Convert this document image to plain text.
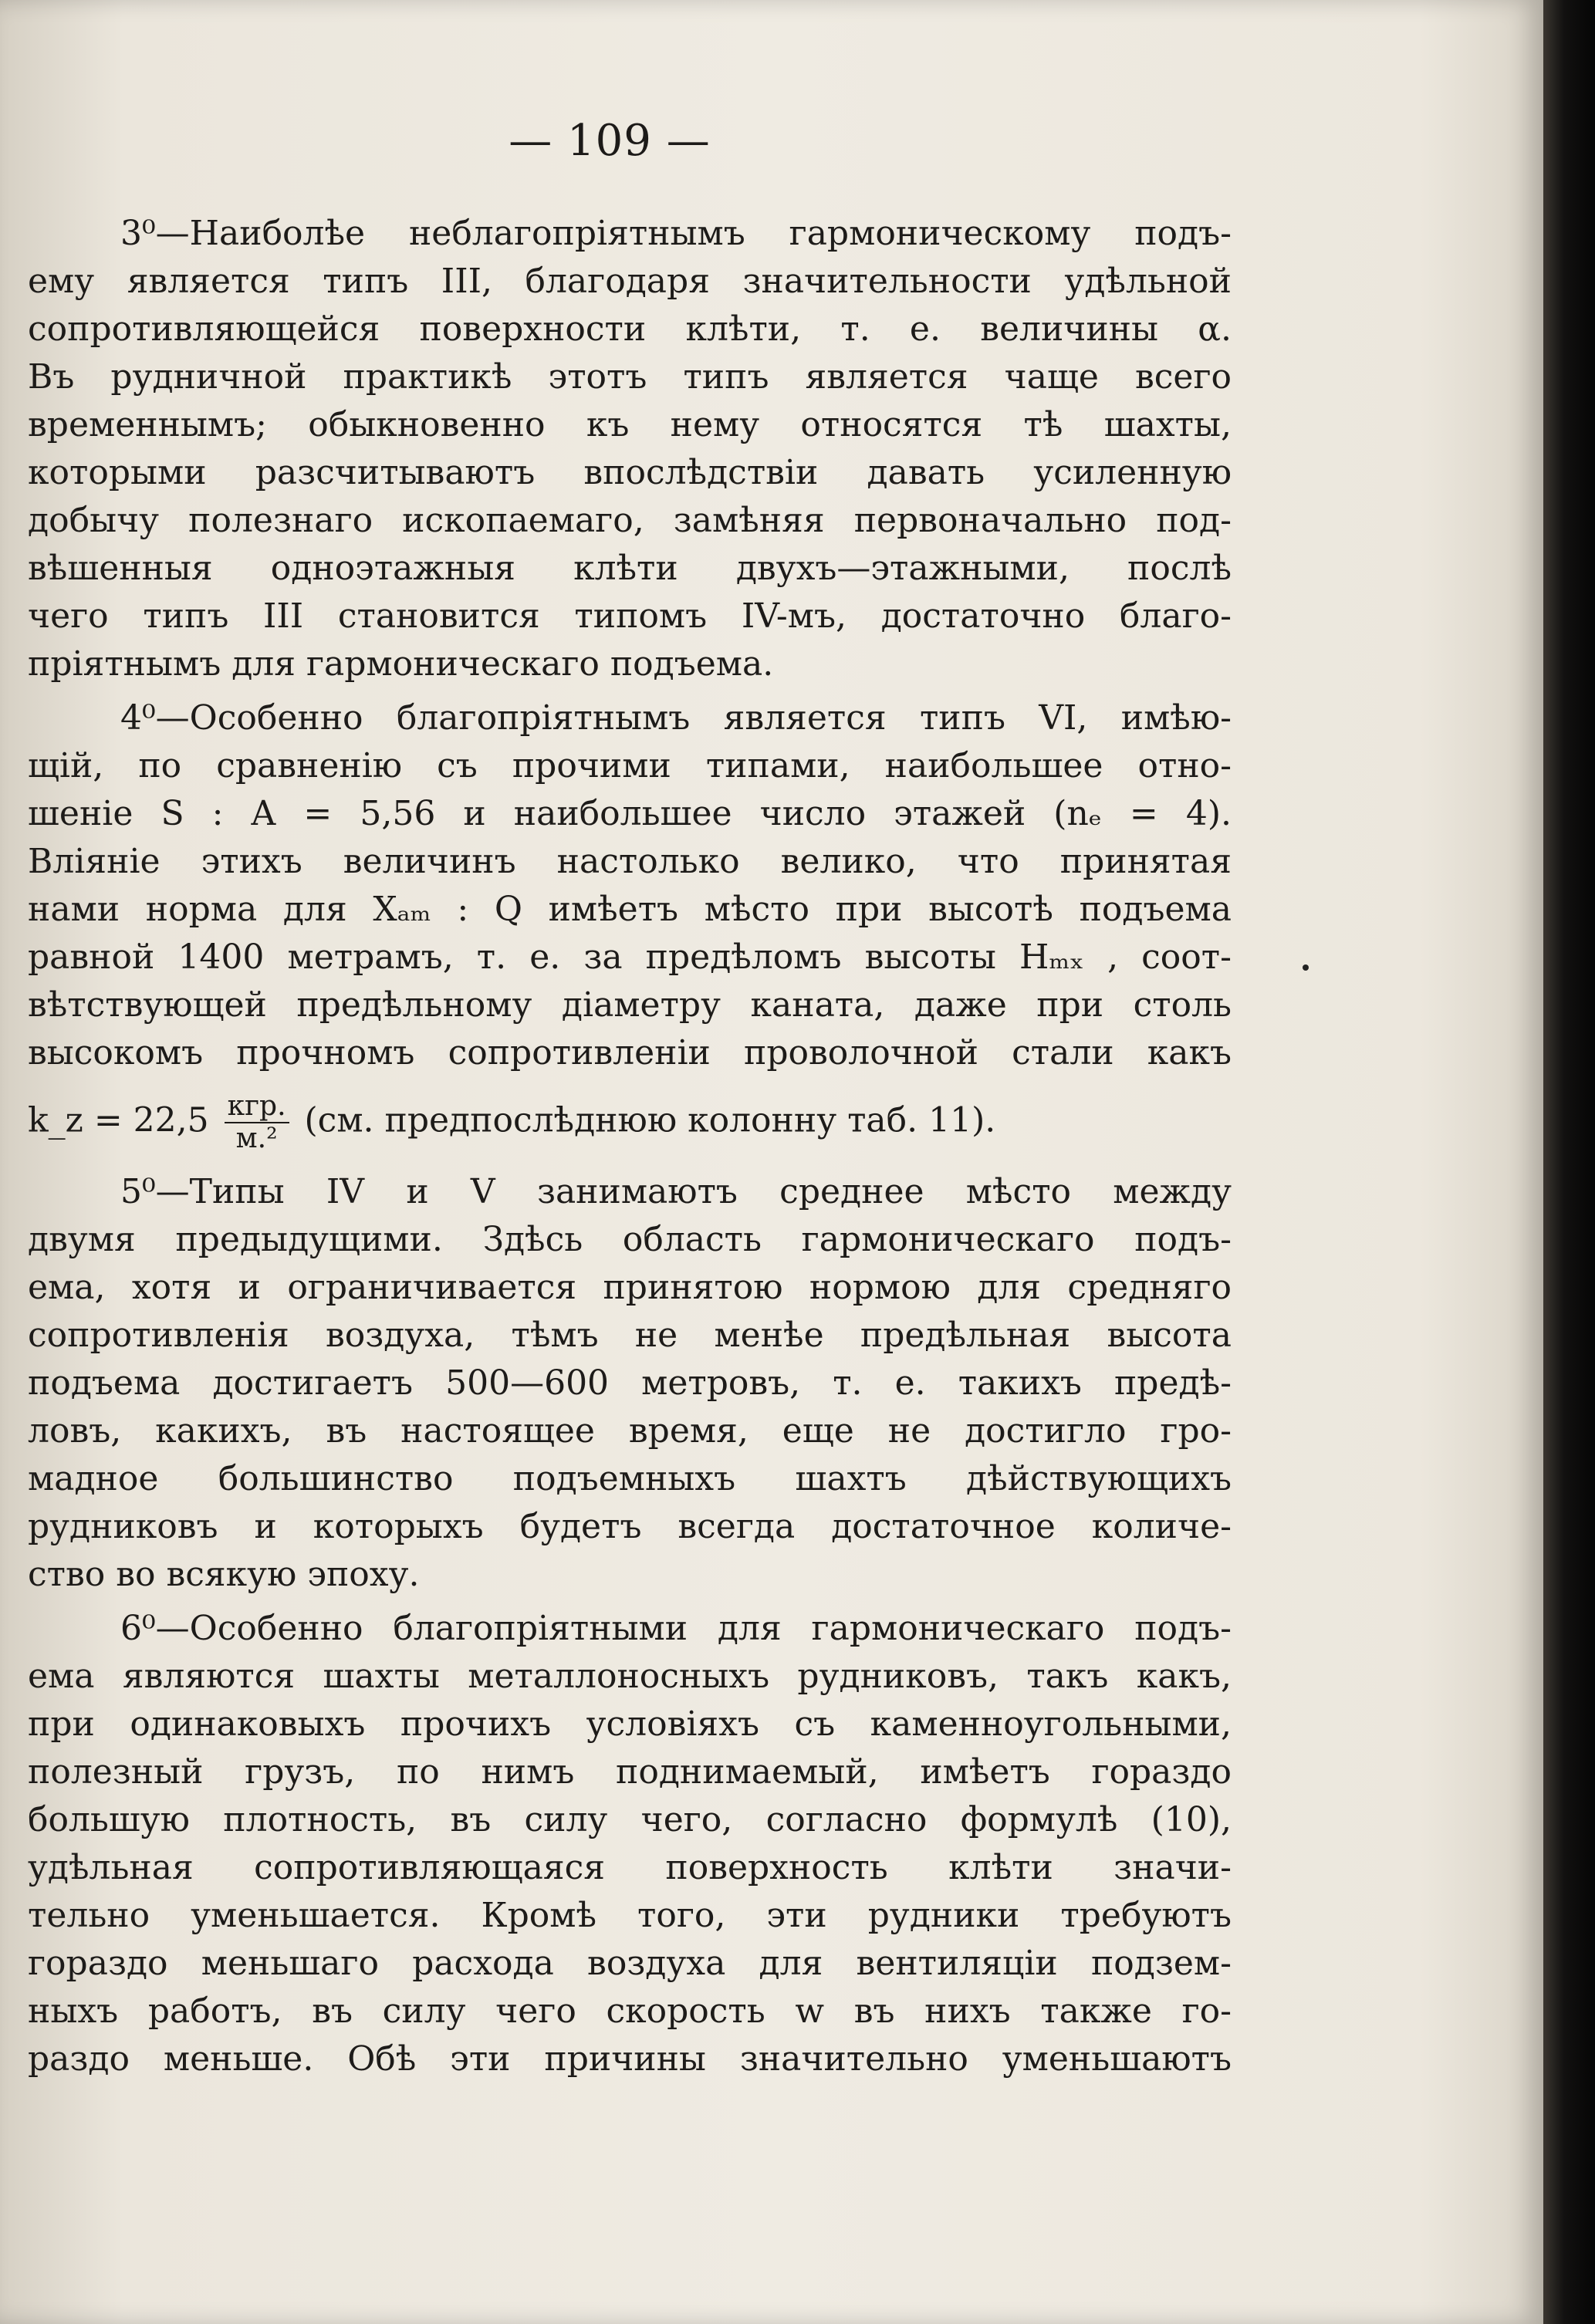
— 109 —

3⁰—Наиболѣе неблагопріятнымъ гармоническому подъ-
ему является типъ III, благодаря значительности удѣльной
сопротивляющейся поверхности клѣти, т. е. величины α.
Въ рудничной практикѣ этотъ типъ является чаще всего
временнымъ; обыкновенно къ нему относятся тѣ шахты,
которыми разсчитываютъ впослѣдствіи давать усиленную
добычу полезнаго ископаемаго, замѣняя первоначально под-
вѣшенныя одноэтажныя клѣти двухъ—этажными, послѣ
чего типъ III становится типомъ IV-мъ, достаточно благо-
пріятнымъ для гармоническаго подъема.

4⁰—Особенно благопріятнымъ является типъ VI, имѣю-
щій, по сравненію съ прочими типами, наибольшее отно-
шеніе S : A = 5,56 и наибольшее число этажей (nₑ = 4).
Вліяніе этихъ величинъ настолько велико, что принятая
нами норма для Xₐₘ : Q имѣетъ мѣсто при высотѣ подъема
равной 1400 метрамъ, т. е. за предѣломъ высоты Hₘₓ , соот-
вѣтствующей предѣльному діаметру каната, даже при столь
высокомъ прочномъ сопротивленіи проволочной стали какъ
k_z = $22,5 \frac{\text{кгр.}}{\text{м.²}} (см$. предпослѣднюю колонну таб. 11).

5⁰—Типы IV и V занимаютъ среднее мѣсто между
двумя предыдущими. Здѣсь область гармоническаго подъ-
ема, хотя и ограничивается принятою нормою для средняго
сопротивленія воздуха, тѣмъ не менѣе предѣльная высота
подъема достигаетъ 500—600 метровъ, т. е. такихъ предѣ-
ловъ, какихъ, въ настоящее время, еще не достигло гро-
мадное большинство подъемныхъ шахтъ дѣйствующихъ
рудниковъ и которыхъ будетъ всегда достаточное количе-
ство во всякую эпоху.

6⁰—Особенно благопріятными для гармоническаго подъ-
ема являются шахты металлоносныхъ рудниковъ, такъ какъ,
при одинаковыхъ прочихъ условіяхъ съ каменноугольными,
полезный грузъ, по нимъ поднимаемый, имѣетъ гораздо
большую плотность, въ силу чего, согласно формулѣ (10),
удѣльная сопротивляющаяся поверхность клѣти значи-
тельно уменьшается. Кромѣ того, эти рудники требуютъ
гораздо меньшаго расхода воздуха для вентиляціи подзем-
ныхъ работъ, въ силу чего скорость w въ нихъ также го-
раздо меньше. Обѣ эти причины значительно уменьшаютъ
